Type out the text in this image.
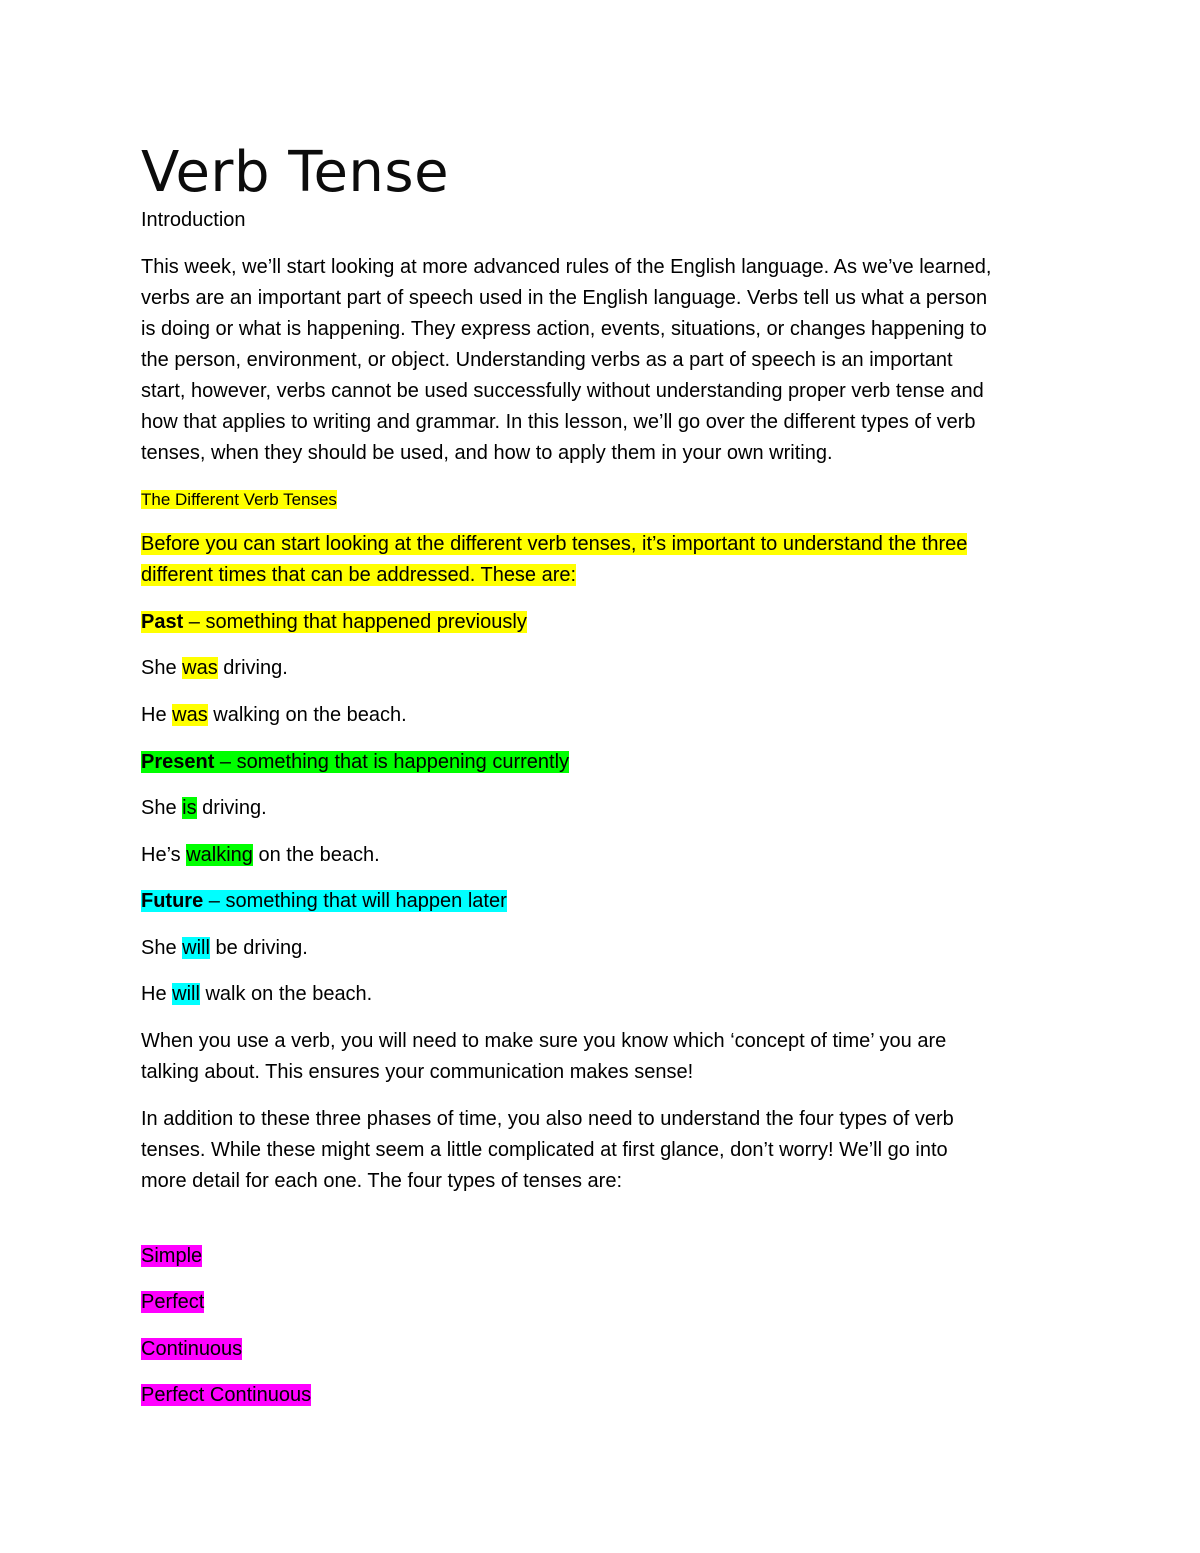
Verb Tense
Introduction
This week, we’ll start looking at more advanced rules of the English language. As we’ve learned,
verbs are an important part of speech used in the English language. Verbs tell us what a person
is doing or what is happening. They express action, events, situations, or changes happening to
the person, environment, or object. Understanding verbs as a part of speech is an important
start, however, verbs cannot be used successfully without understanding proper verb tense and
how that applies to writing and grammar. In this lesson, we’ll go over the different types of verb
tenses, when they should be used, and how to apply them in your own writing.
The Different Verb Tenses
Before you can start looking at the different verb tenses, it’s important to understand the three
different times that can be addressed. These are:
Past – something that happened previously
She was driving.
He was walking on the beach.
Present – something that is happening currently
She is driving.
He’s walking on the beach.
Future – something that will happen later
She will be driving.
He will walk on the beach.
When you use a verb, you will need to make sure you know which ‘concept of time’ you are
talking about. This ensures your communication makes sense!
In addition to these three phases of time, you also need to understand the four types of verb
tenses. While these might seem a little complicated at first glance, don’t worry! We’ll go into
more detail for each one. The four types of tenses are:
Simple
Perfect
Continuous
Perfect Continuous
